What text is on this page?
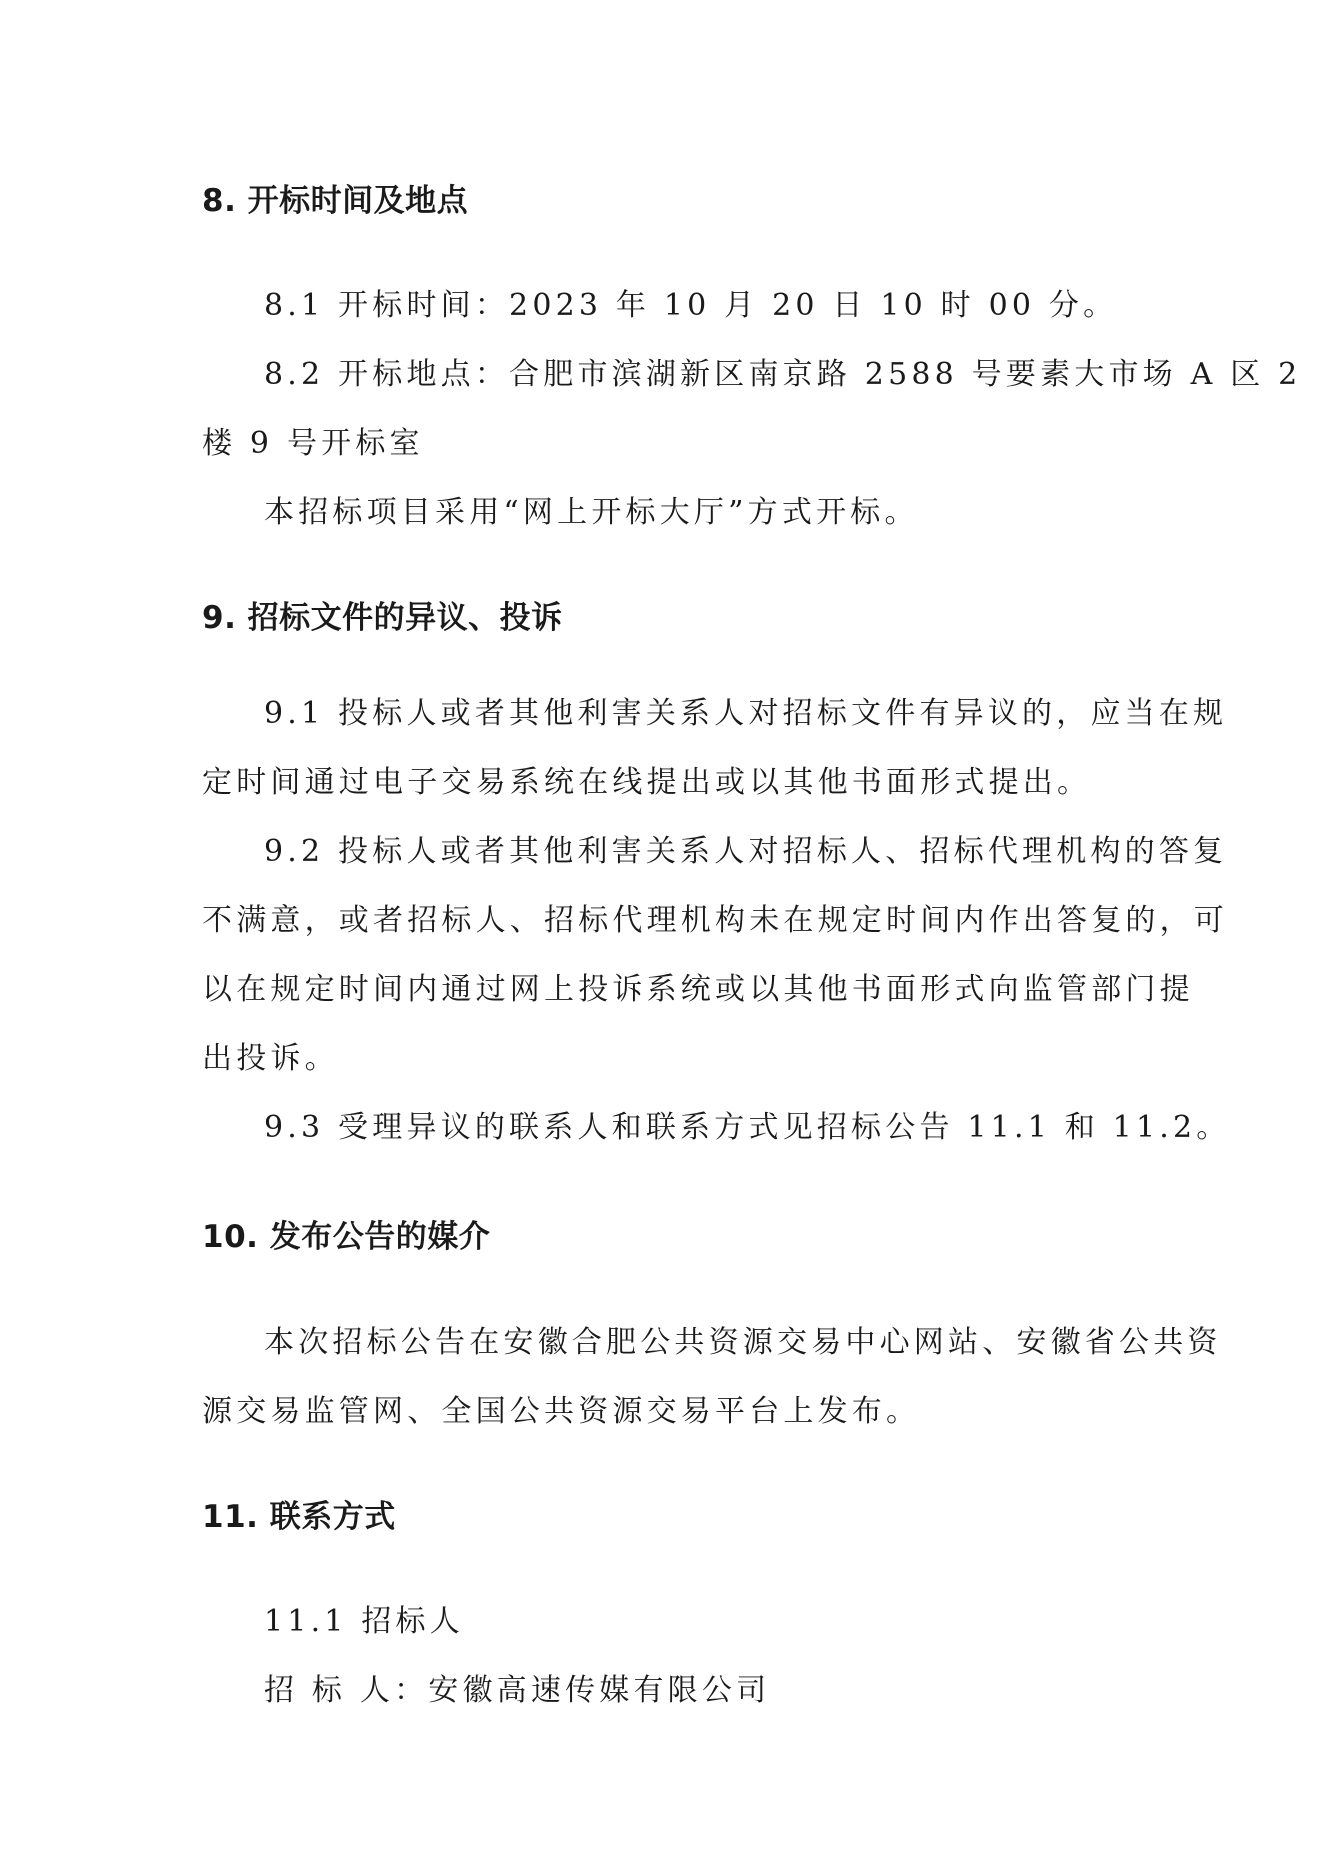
8. 开标时间及地点
8.1 开标时间：2023 年 10 月 20 日 10 时 00 分。
8.2 开标地点：合肥市滨湖新区南京路 2588 号要素大市场 A 区 2
楼 9 号开标室
本招标项目采用“网上开标大厅”方式开标。
9. 招标文件的异议、投诉
9.1 投标人或者其他利害关系人对招标文件有异议的，应当在规
定时间通过电子交易系统在线提出或以其他书面形式提出。
9.2 投标人或者其他利害关系人对招标人、招标代理机构的答复
不满意，或者招标人、招标代理机构未在规定时间内作出答复的，可
以在规定时间内通过网上投诉系统或以其他书面形式向监管部门提
出投诉。
9.3 受理异议的联系人和联系方式见招标公告 11.1 和 11.2。
10. 发布公告的媒介
本次招标公告在安徽合肥公共资源交易中心网站、安徽省公共资
源交易监管网、全国公共资源交易平台上发布。
11. 联系方式
11.1 招标人
招 标 人：安徽高速传媒有限公司
